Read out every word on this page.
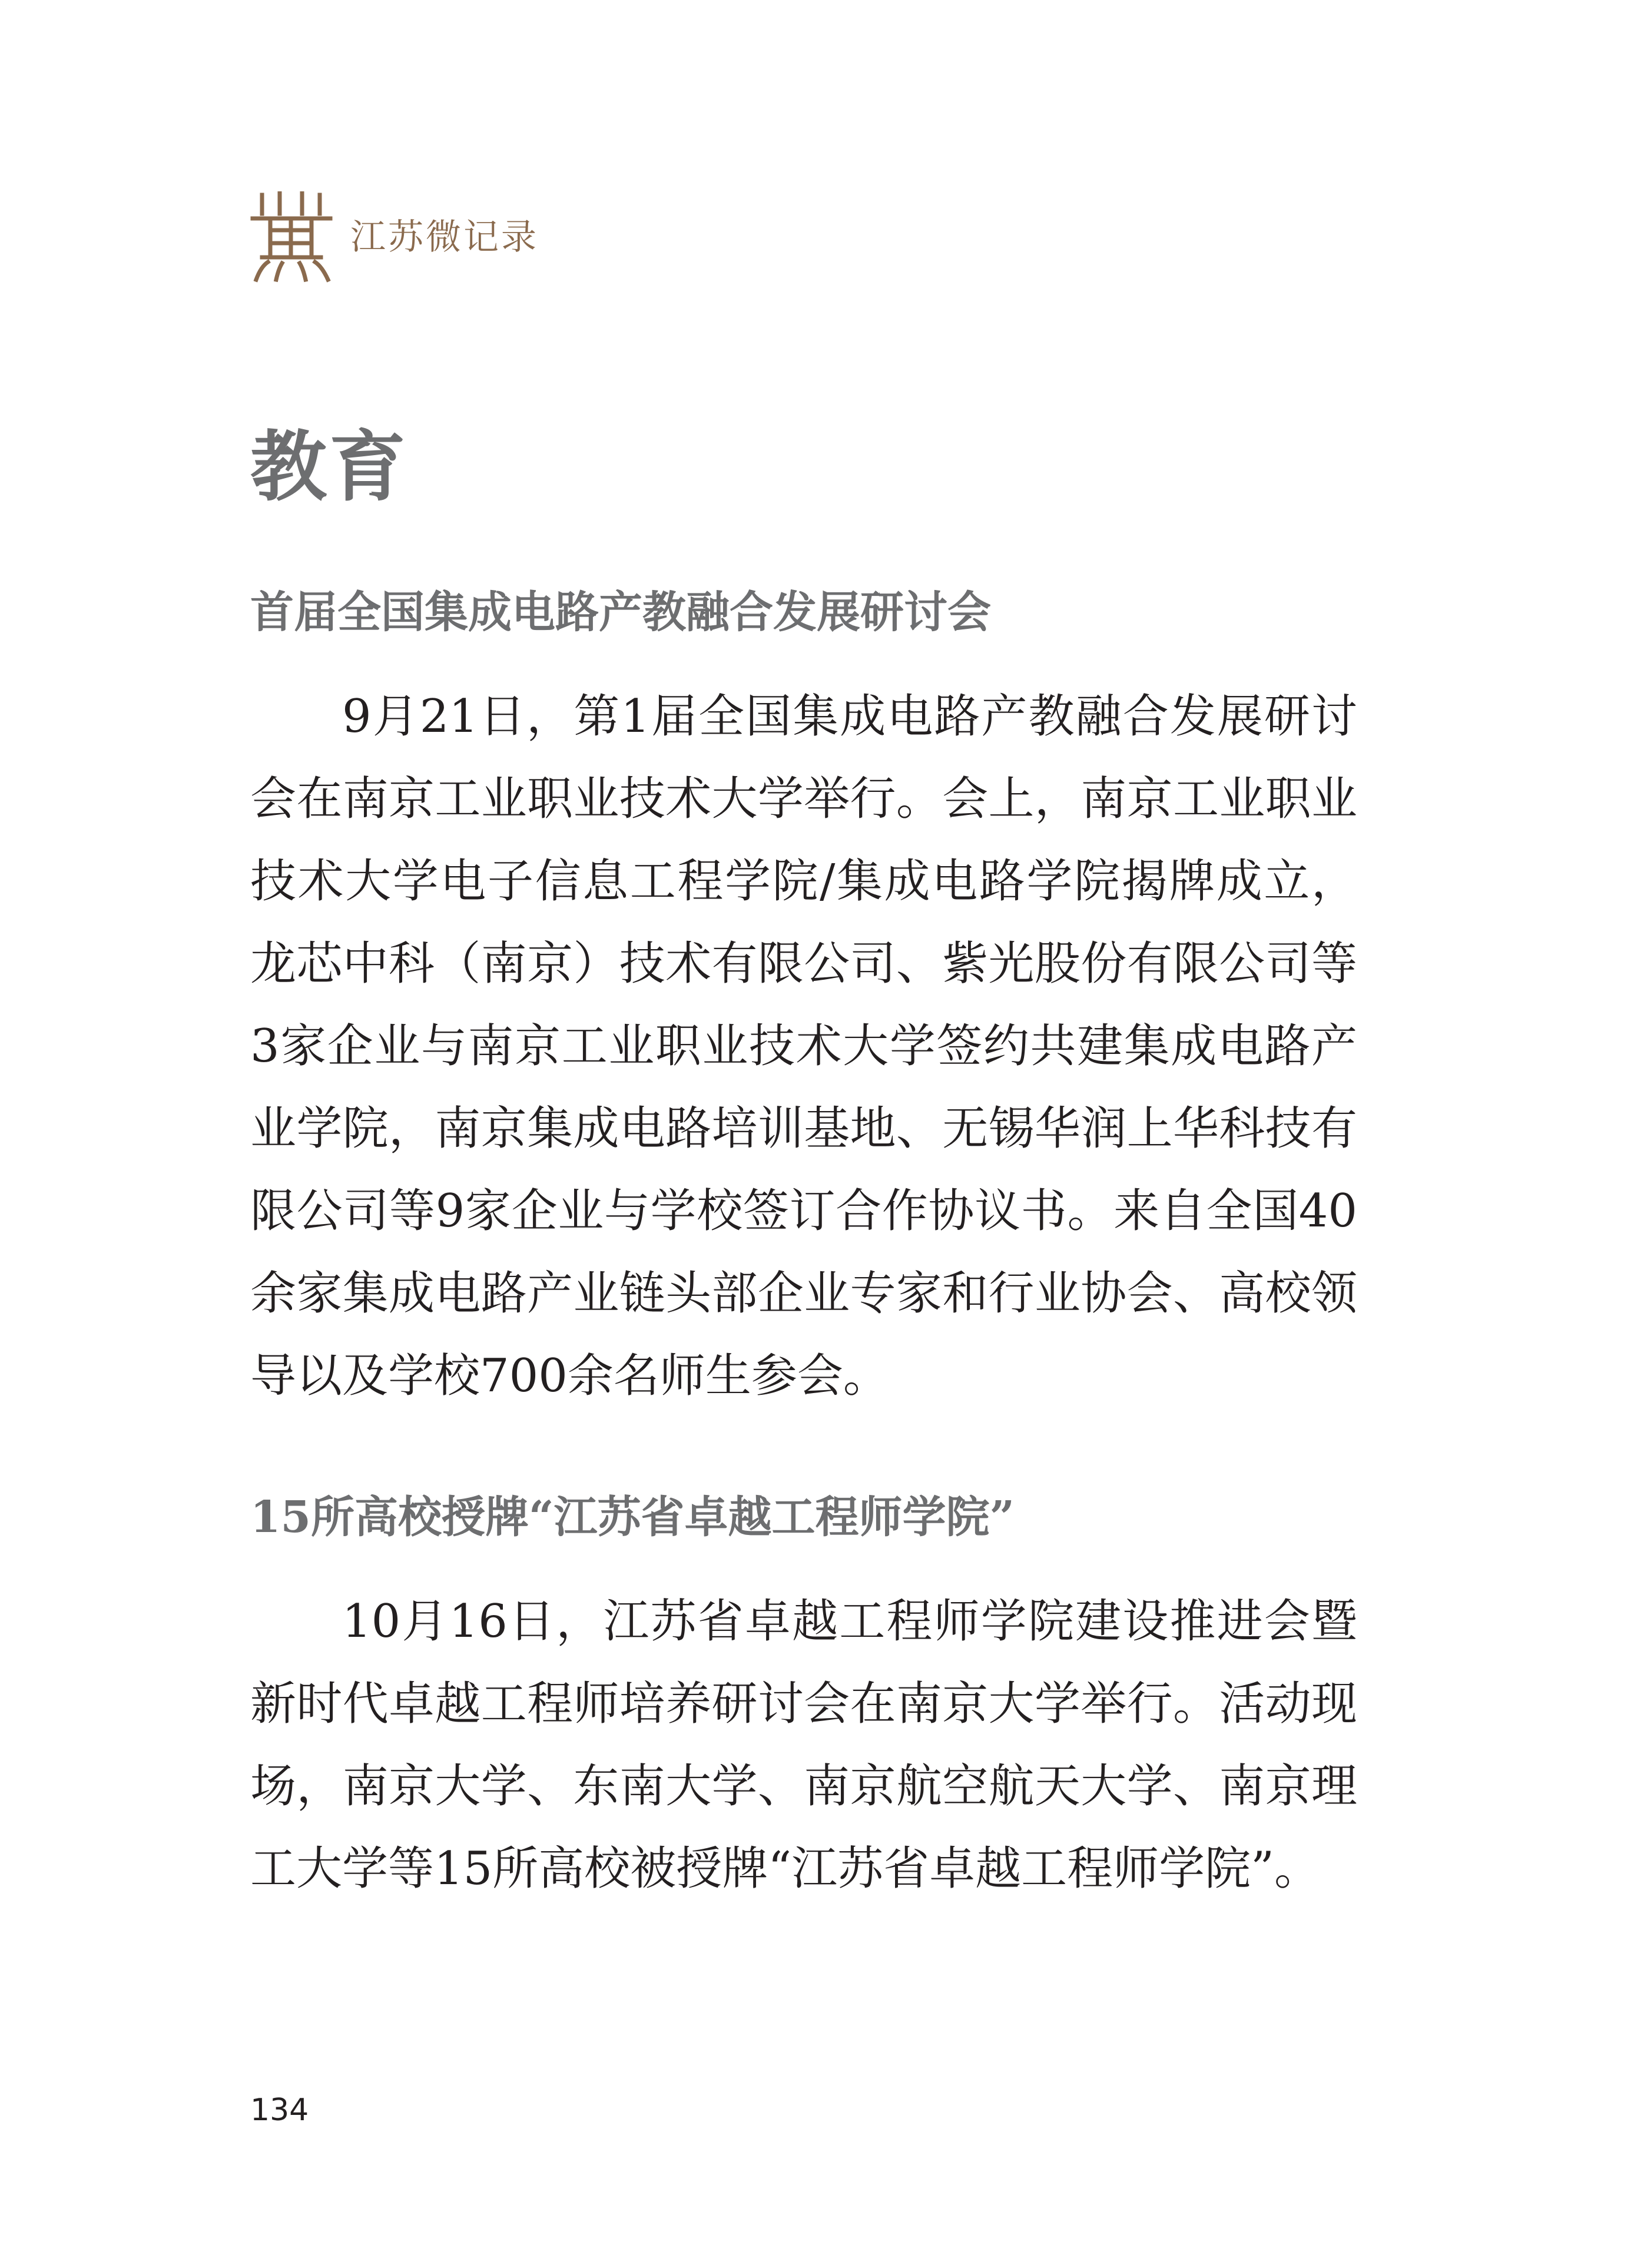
江苏微记录
教育
首届全国集成电路产教融合发展研讨会

9月21日，第1届全国集成电路产教融合发展研讨会在南京工业职业技术大学举行。会上，南京工业职业技术大学电子信息工程学院/集成电路学院揭牌成立，龙芯中科（南京）技术有限公司、紫光股份有限公司等3家企业与南京工业职业技术大学签约共建集成电路产业学院，南京集成电路培训基地、无锡华润上华科技有限公司等9家企业与学校签订合作协议书。来自全国40余家集成电路产业链头部企业专家和行业协会、高校领导以及学校700余名师生参会。

15所高校授牌“江苏省卓越工程师学院”

10月16日，江苏省卓越工程师学院建设推进会暨新时代卓越工程师培养研讨会在南京大学举行。活动现场，南京大学、东南大学、南京航空航天大学、南京理工大学等15所高校被授牌“江苏省卓越工程师学院”。

134
